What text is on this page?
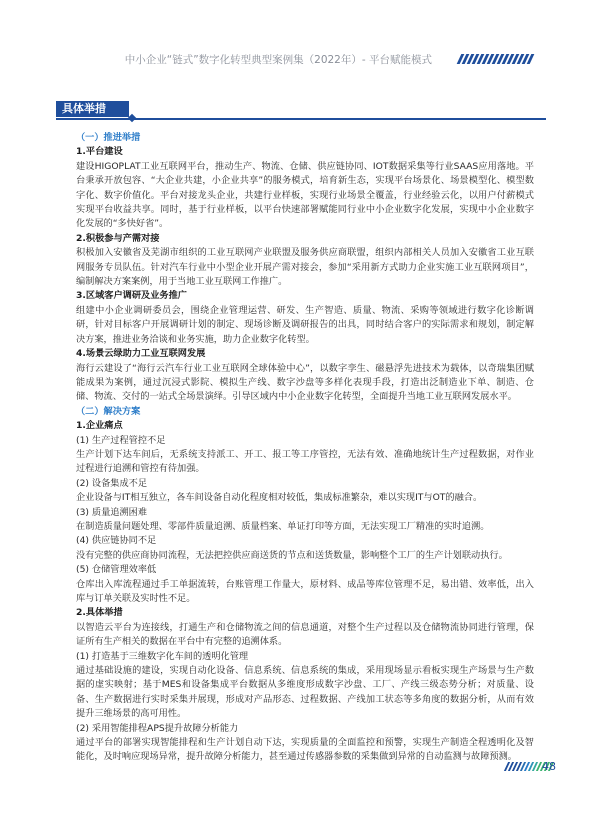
中小企业“链式”数字化转型典型案例集（2022年）- 平台赋能模式
具体举措

（一）推进举措

1.平台建设

建设HIGOPLAT工业互联网平台，推动生产、物流、仓储、供应链协同、IOT数据采集等行业SAAS应用落地。平台秉承开放包容、“大企业共建，小企业共享”的服务模式，培育新生态，实现平台场景化、场景模型化、模型数字化、数字价值化。平台对接龙头企业，共建行业样板，实现行业场景全覆盖，行业经验云化，以用户付薪模式实现平台收益共享。同时，基于行业样板，以平台快速部署赋能同行业中小企业数字化发展，实现中小企业数字化发展的“多快好省”。

2.积极参与产需对接

积极加入安徽省及芜湖市组织的工业互联网产业联盟及服务供应商联盟，组织内部相关人员加入安徽省工业互联网服务专员队伍。针对汽车行业中小型企业开展产需对接会，参加“采用新方式助力企业实施工业互联网项目”，编制解决方案案例，用于当地工业互联网工作推广。

3.区域客户调研及业务推广

组建中小企业调研委员会，围绕企业管理运营、研发、生产智造、质量、物流、采购等领域进行数字化诊断调研，针对目标客户开展调研计划的制定、现场诊断及调研报告的出具，同时结合客户的实际需求和规划，制定解决方案，推进业务洽谈和业务实施，助力企业数字化转型。

4.场景云绿助力工业互联网发展

海行云建设了“海行云汽车行业工业互联网全球体验中心”，以数字孪生、磁悬浮先进技术为载体，以奇瑞集团赋能成果为案例，通过沉浸式影院、模拟生产线、数字沙盘等多样化表现手段，打造出泛制造业下单、制造、仓储、物流、交付的一站式全场景演绎。引导区域内中小企业数字化转型，全面提升当地工业互联网发展水平。

（二）解决方案

1.企业痛点

(1) 生产过程管控不足

生产计划下达车间后，无系统支持派工、开工、报工等工序管控，无法有效、准确地统计生产过程数据，对作业过程进行追溯和管控有待加强。

(2) 设备集成不足

企业设备与IT相互独立，各车间设备自动化程度相对较低，集成标准繁杂，难以实现IT与OT的融合。

(3) 质量追溯困难

在制造质量问题处理、零部件质量追溯、质量档案、单证打印等方面，无法实现工厂精准的实时追溯。

(4) 供应链协同不足

没有完整的供应商协同流程，无法把控供应商送货的节点和送货数量，影响整个工厂的生产计划联动执行。

(5) 仓储管理效率低

仓库出入库流程通过手工单据流转，台账管理工作量大，原材料、成品等库位管理不足，易出错、效率低，出入库与订单关联及实时性不足。

2.具体举措

以智造云平台为连接线，打通生产和仓储物流之间的信息通道，对整个生产过程以及仓储物流协同进行管理，保证所有生产相关的数据在平台中有完整的追溯体系。

(1) 打造基于三维数字化车间的透明化管理

通过基础设施的建设，实现自动化设备、信息系统、信息系统的集成，采用现场显示看板实现生产场景与生产数据的虚实映射；基于MES和设备集成平台数据从多维度形成数字沙盘、工厂、产线三级态势分析；对质量、设备、生产数据进行实时采集并展现，形成对产品形态、过程数据、产线加工状态等多角度的数据分析，从而有效提升三维场景的高可用性。

(2) 采用智能排程APS提升故障分析能力

通过平台的部署实现智能排程和生产计划自动下达，实现质量的全面监控和预警，实现生产制造全程透明化及智能化，及时响应现场异常，提升故障分析能力，甚至通过传感器参数的采集做到异常的自动监测与故障预测。

48
